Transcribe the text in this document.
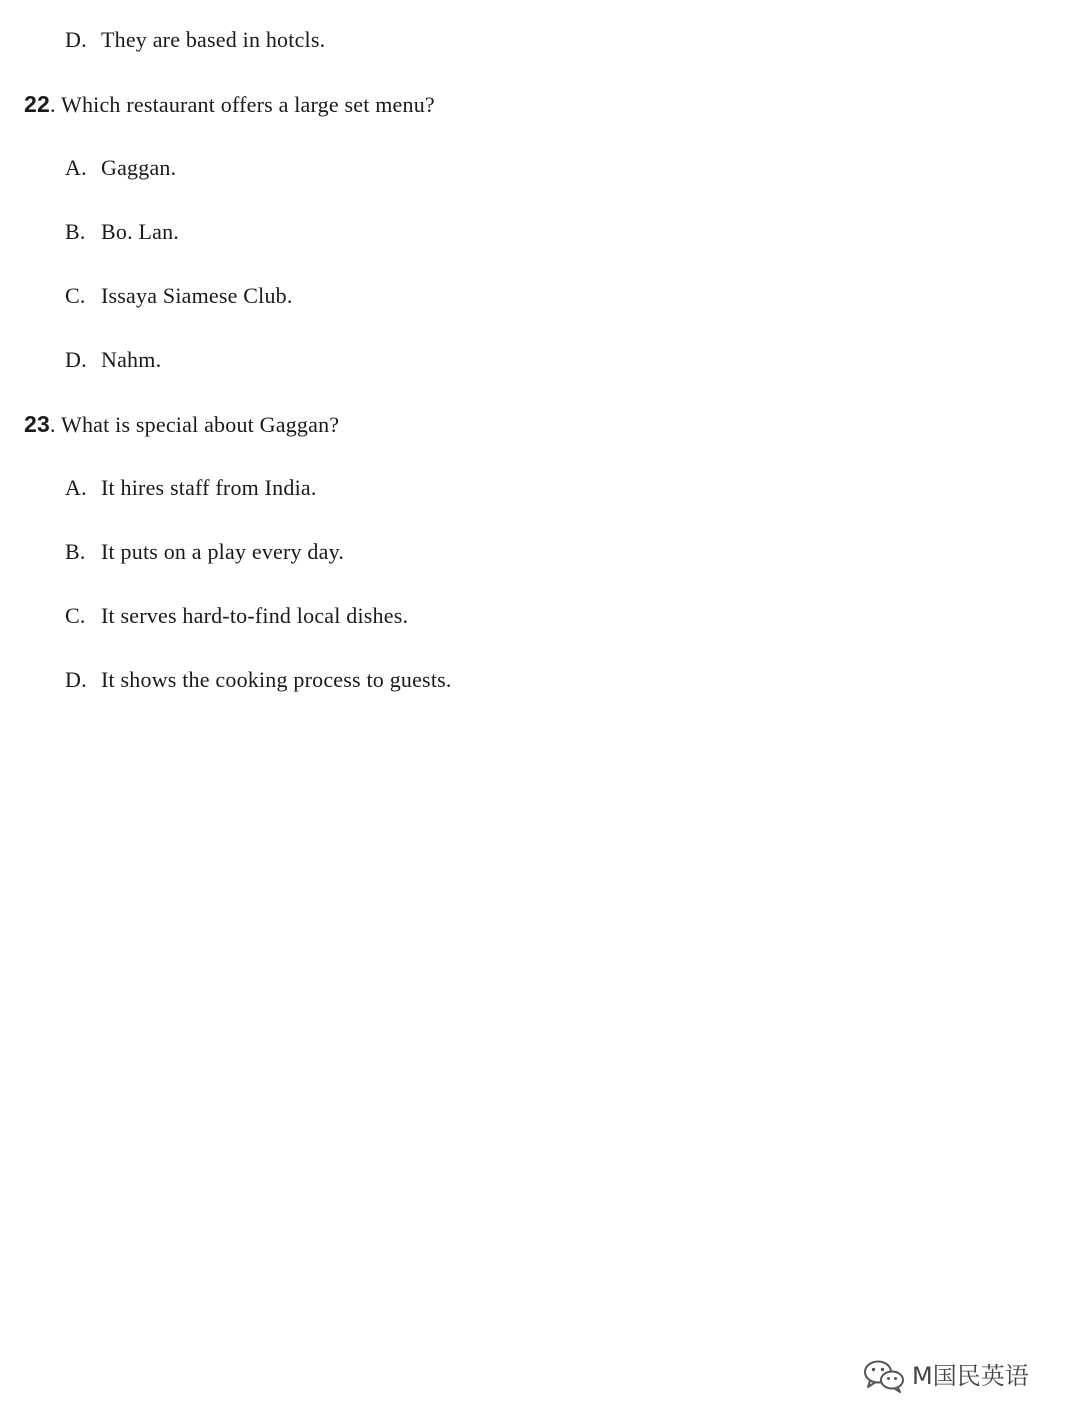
D. They are based in hotcls.
22. Which restaurant offers a large set menu?
A. Gaggan.
B. Bo. Lan.
C. Issaya Siamese Club.
D. Nahm.
23. What is special about Gaggan?
A. It hires staff from India.
B. It puts on a play every day.
C. It serves hard-to-find local dishes.
D. It shows the cooking process to guests.
M国民英语
